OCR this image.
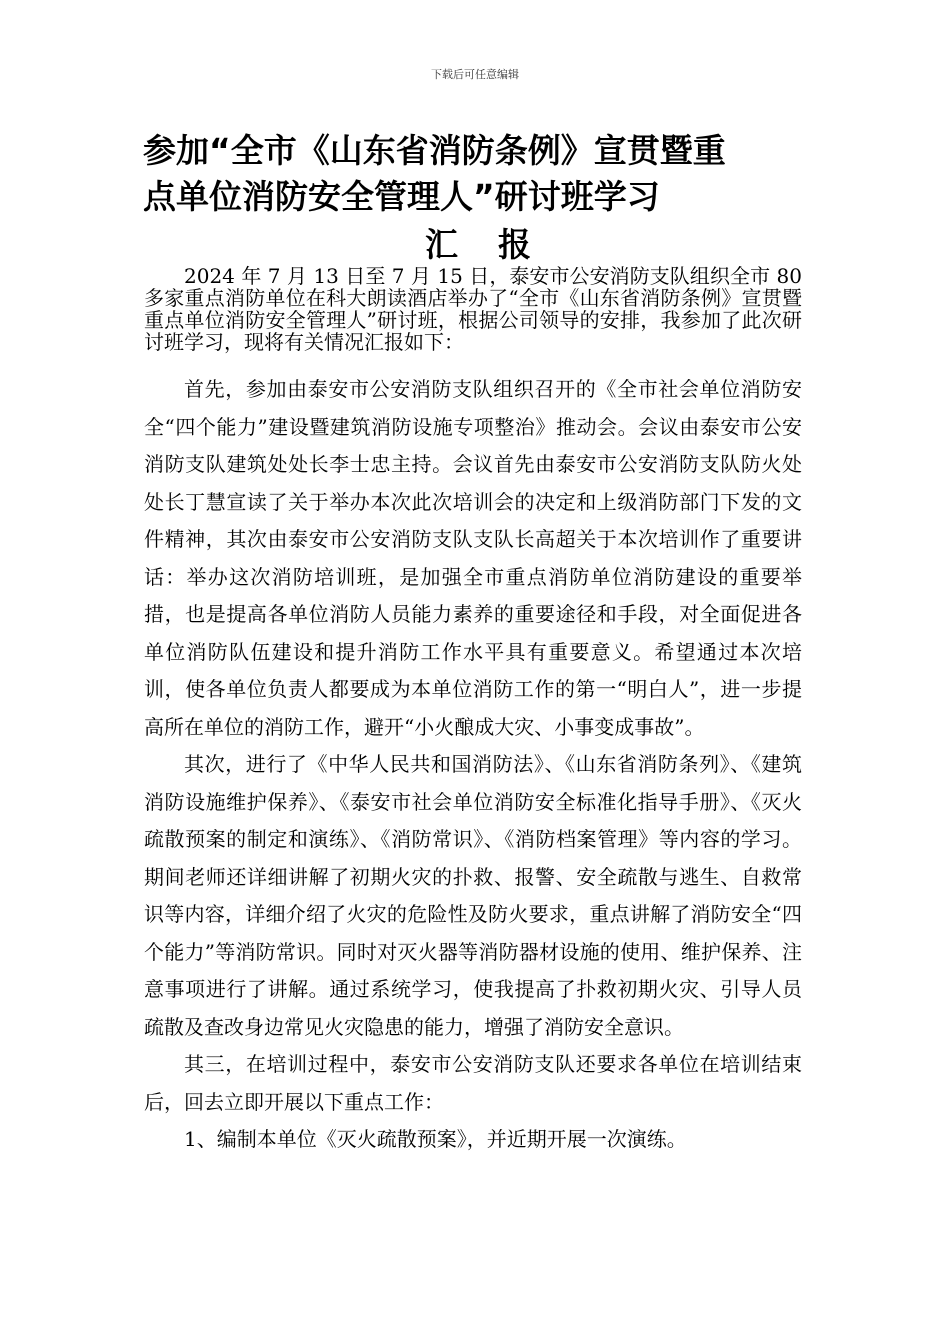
下载后可任意编辑
参加“全市《山东省消防条例》宣贯暨重
点单位消防安全管理人”研讨班学习
汇报

2024 年 7 月 13 日至 7 月 15 日，泰安市公安消防支队组织全市 80 多家重点消防单位在科大朗读酒店举办了“全市《山东省消防条例》宣贯暨重点单位消防安全管理人”研讨班，根据公司领导的安排，我参加了此次研讨班学习，现将有关情况汇报如下：

首先，参加由泰安市公安消防支队组织召开的《全市社会单位消防安全“四个能力”建设暨建筑消防设施专项整治》推动会。会议由泰安市公安消防支队建筑处处长李士忠主持。会议首先由泰安市公安消防支队防火处处长丁慧宣读了关于举办本次此次培训会的决定和上级消防部门下发的文件精神，其次由泰安市公安消防支队支队长高超关于本次培训作了重要讲话：举办这次消防培训班，是加强全市重点消防单位消防建设的重要举措，也是提高各单位消防人员能力素养的重要途径和手段，对全面促进各单位消防队伍建设和提升消防工作水平具有重要意义。希望通过本次培训，使各单位负责人都要成为本单位消防工作的第一“明白人”，进一步提高所在单位的消防工作，避开“小火酿成大灾、小事变成事故”。

其次，进行了《中华人民共和国消防法》、《山东省消防条列》、《建筑消防设施维护保养》、《泰安市社会单位消防安全标准化指导手册》、《灭火疏散预案的制定和演练》、《消防常识》、《消防档案管理》等内容的学习。期间老师还详细讲解了初期火灾的扑救、报警、安全疏散与逃生、自救常识等内容，详细介绍了火灾的危险性及防火要求，重点讲解了消防安全“四个能力”等消防常识。同时对灭火器等消防器材设施的使用、维护保养、注意事项进行了讲解。通过系统学习，使我提高了扑救初期火灾、引导人员疏散及查改身边常见火灾隐患的能力，增强了消防安全意识。

其三，在培训过程中，泰安市公安消防支队还要求各单位在培训结束后，回去立即开展以下重点工作：

1、编制本单位《灭火疏散预案》，并近期开展一次演练。
